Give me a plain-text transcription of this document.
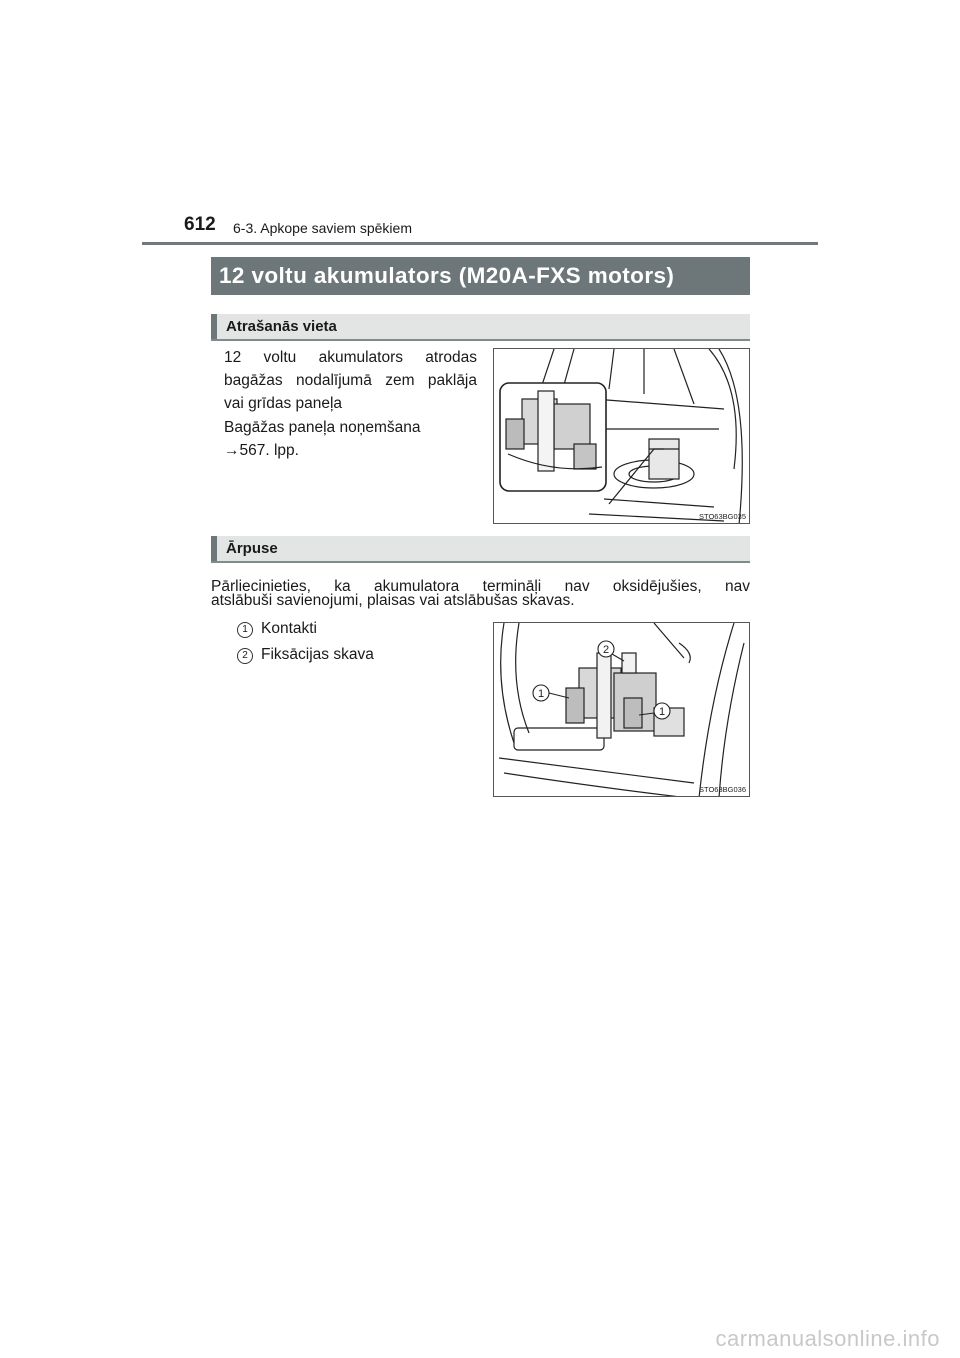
612 6-3. Apkope saviem spēkiem
12 voltu akumulators (M20A-FXS motors)
Atrašanās vieta
12 voltu akumulators atrodas
bagāžas nodalījumā zem paklāja
vai grīdas paneļa
Bagāžas paneļa noņemšana
→567. lpp.
STO63BG035
Ārpuse
Pārliecinieties, ka akumulatora termināļi nav oksidējušies, nav
atslābuši savienojumi, plaisas vai atslābušas skavas.
1 Kontakti
2 Fiksācijas skava
1
2
1
STO63BG036
carmanualsonline.info
